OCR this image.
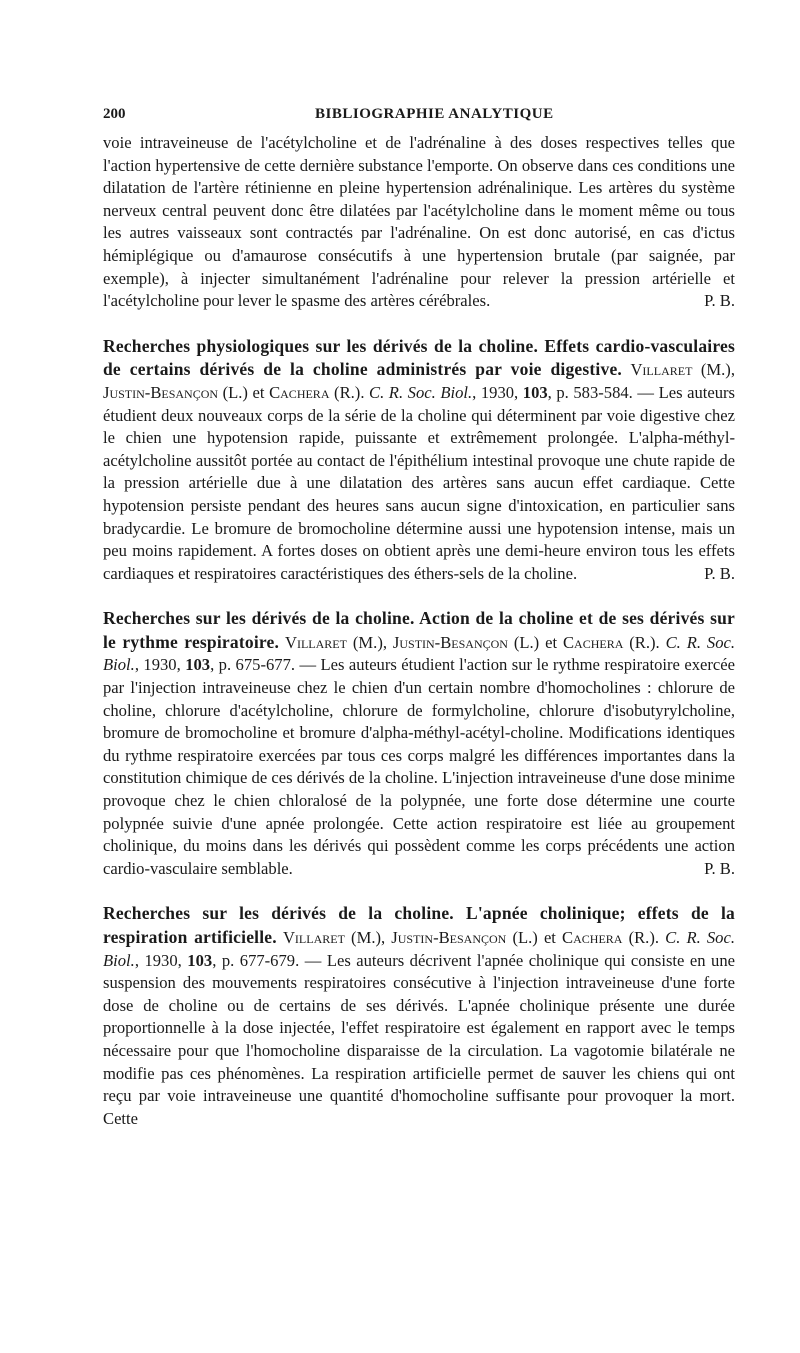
200	BIBLIOGRAPHIE ANALYTIQUE

voie intraveineuse de l'acétylcholine et de l'adrénaline à des doses respectives telles que l'action hypertensive de cette dernière substance l'emporte. On observe dans ces conditions une dilatation de l'artère rétinienne en pleine hypertension adrénalinique. Les artères du système nerveux central peuvent donc être dilatées par l'acétylcholine dans le moment même ou tous les autres vaisseaux sont contractés par l'adrénaline. On est donc autorisé, en cas d'ictus hémiplégique ou d'amaurose consécutifs à une hypertension brutale (par saignée, par exemple), à injecter simultanément l'adrénaline pour relever la pression artérielle et l'acétylcholine pour lever le spasme des artères cérébrales.	P. B.

Recherches physiologiques sur les dérivés de la choline. Effets cardio-vasculaires de certains dérivés de la choline administrés par voie digestive. Villaret (M.), Justin-Besançon (L.) et Cachera (R.). C. R. Soc. Biol., 1930, 103, p. 583-584. — Les auteurs étudient deux nouveaux corps de la série de la choline qui déterminent par voie digestive chez le chien une hypotension rapide, puissante et extrêmement prolongée. L'alpha-méthyl-acétylcholine aussitôt portée au contact de l'épithélium intestinal provoque une chute rapide de la pression artérielle due à une dilatation des artères sans aucun effet cardiaque. Cette hypotension persiste pendant des heures sans aucun signe d'intoxication, en particulier sans bradycardie. Le bromure de bromocholine détermine aussi une hypotension intense, mais un peu moins rapidement. A fortes doses on obtient après une demi-heure environ tous les effets cardiaques et respiratoires caractéristiques des éthers-sels de la choline.	P. B.

Recherches sur les dérivés de la choline. Action de la choline et de ses dérivés sur le rythme respiratoire. Villaret (M.), Justin-Besançon (L.) et Cachera (R.). C. R. Soc. Biol., 1930, 103, p. 675-677. — Les auteurs étudient l'action sur le rythme respiratoire exercée par l'injection intraveineuse chez le chien d'un certain nombre d'homocholines : chlorure de choline, chlorure d'acétylcholine, chlorure de formylcholine, chlorure d'isobutyrylcholine, bromure de bromocholine et bromure d'alpha-méthyl-acétyl-choline. Modifications identiques du rythme respiratoire exercées par tous ces corps malgré les différences importantes dans la constitution chimique de ces dérivés de la choline. L'injection intraveineuse d'une dose minime provoque chez le chien chloralosé de la polypnée, une forte dose détermine une courte polypnée suivie d'une apnée prolongée. Cette action respiratoire est liée au groupement cholinique, du moins dans les dérivés qui possèdent comme les corps précédents une action cardio-vasculaire semblable.	P. B.

Recherches sur les dérivés de la choline. L'apnée cholinique; effets de la respiration artificielle. Villaret (M.), Justin-Besançon (L.) et Cachera (R.). C. R. Soc. Biol., 1930, 103, p. 677-679. — Les auteurs décrivent l'apnée cholinique qui consiste en une suspension des mouvements respiratoires consécutive à l'injection intraveineuse d'une forte dose de choline ou de certains de ses dérivés. L'apnée cholinique présente une durée proportionnelle à la dose injectée, l'effet respiratoire est également en rapport avec le temps nécessaire pour que l'homocholine disparaisse de la circulation. La vagotomie bilatérale ne modifie pas ces phénomènes. La respiration artificielle permet de sauver les chiens qui ont reçu par voie intraveineuse une quantité d'homocholine suffisante pour provoquer la mort. Cette
